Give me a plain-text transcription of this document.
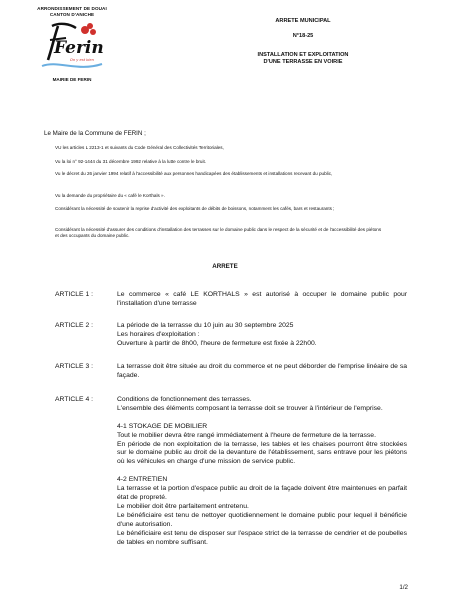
ARRONDISSEMENT DE DOUAI
CANTON D'ANICHE
Ferin
On y est bien
MAIRIE DE FERIN
ARRETE MUNICIPAL
N°18-25
INSTALLATION ET EXPLOITATION
D'UNE TERRASSE EN VOIRIE
Le Maire de la Commune de FERIN ;
VU les articles L 2213-1 et suivants du Code Général des Collectivités Territoriales,
Vu la loi n° 92-1444 du 31 décembre 1992 relative à la lutte contre le bruit.
Vu le décret du 26 janvier 1994 relatif à l'accessibilité aux personnes handicapées des établissements et installations recevant du public,
Vu la demande du propriétaire du « café le Korthals ».
Considérant la nécessité de soutenir la reprise d'activité des exploitants de débits de boissons, notamment les cafés, bars et restaurants ;
Considérant la nécessité d'assurer des conditions d'installation des terrasses sur le domaine public dans le respect de la sécurité et de l'accessibilité des piétons et des occupants du domaine public.
ARRETE
ARTICLE 1 :	Le commerce « café LE KORTHALS » est autorisé à occuper le domaine public pour l'installation d'une terrasse

ARTICLE 2 :	La période de la terrasse du 10 juin au 30 septembre 2025

Les horaires d'exploitation :

Ouverture à partir de 8h00, l'heure de fermeture est fixée à 22h00.

ARTICLE 3 :	La terrasse doit être située au droit du commerce et ne peut déborder de l'emprise linéaire de sa façade.

ARTICLE 4 :	Conditions de fonctionnement des terrasses.

L'ensemble des éléments composant la terrasse doit se trouver à l'intérieur de l'emprise.

4-1 STOKAGE DE MOBILIER

Tout le mobilier devra être rangé immédiatement à l'heure de fermeture de la terrasse.

En période de non exploitation de la terrasse, les tables et les chaises pourront être stockées sur le domaine public au droit de la devanture de l'établissement, sans entrave pour les piétons où les véhicules en charge d'une mission de service public.

4-2 ENTRETIEN

La terrasse et la portion d'espace public au droit de la façade doivent être maintenues en parfait état de propreté.

Le mobilier doit être parfaitement entretenu.

Le bénéficiaire est tenu de nettoyer quotidiennement le domaine public pour lequel il bénéficie d'une autorisation.

Le bénéficiaire est tenu de disposer sur l'espace strict de la terrasse de cendrier et de poubelles de tables en nombre suffisant.

1/2
